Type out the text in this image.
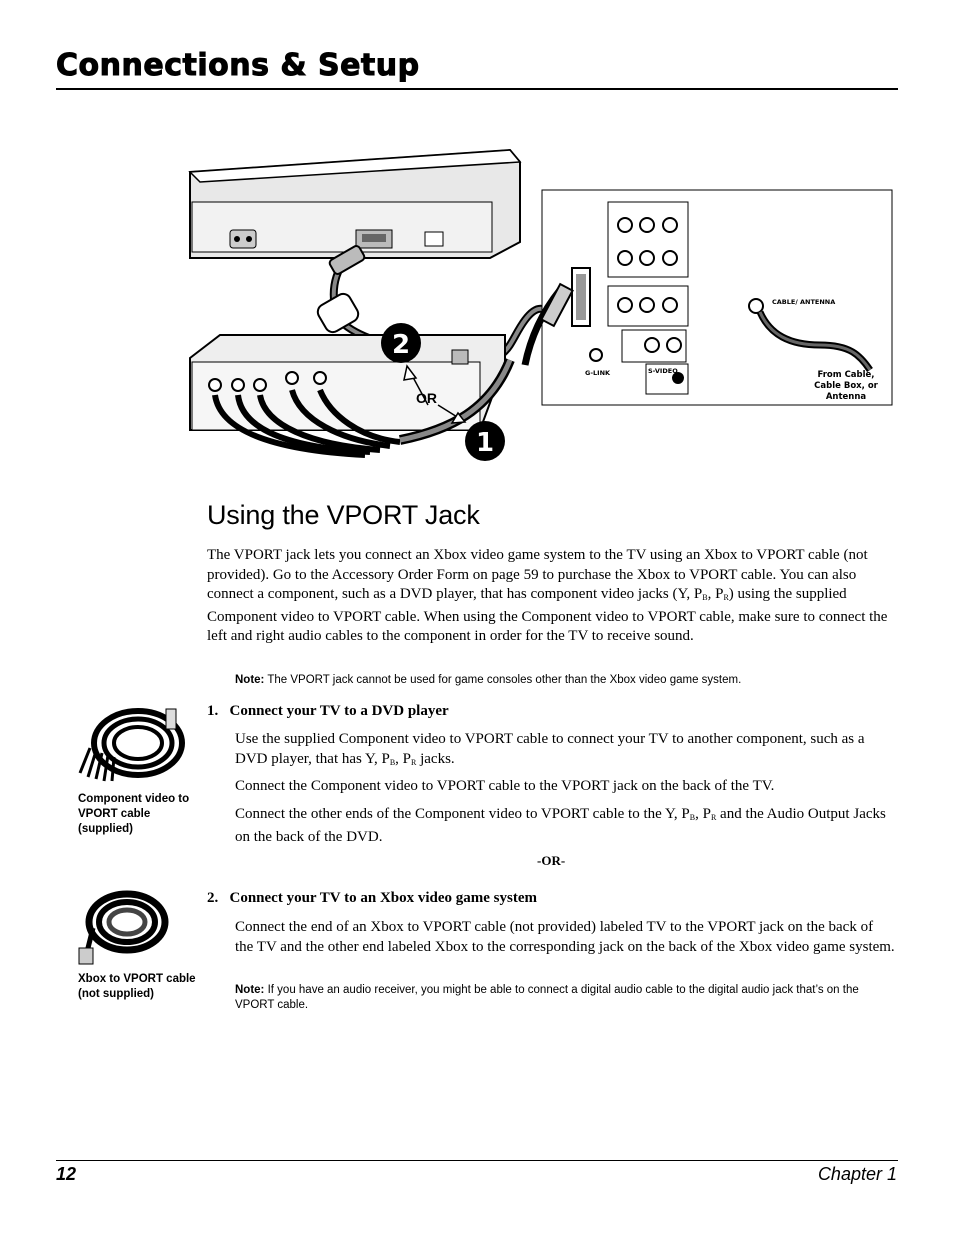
Connections & Setup
2
1
OR
G-LINK	S-VIDEO
CABLE/ ANTENNA
From Cable, Cable Box, or Antenna
Using the VPORT Jack
The VPORT jack lets you connect an Xbox video game system to the TV using an Xbox to VPORT cable (not provided). Go to the Accessory Order Form on page 59 to purchase the Xbox to VPORT cable. You can also connect a component, such as a DVD player, that has component video jacks (Y, $P_B$, $P_R$) using the supplied Component video to VPORT cable. When using the Component video to VPORT cable, make sure to connect the left and right audio cables to the component in order for the TV to receive sound.
Note: The VPORT jack cannot be used for game consoles other than the Xbox video game system.
Component video to VPORT cable (supplied)
1.   Connect your TV to a DVD player
Use the supplied Component video to VPORT cable to connect your TV to another component, such as a DVD player, that has Y, $P_B$, $P_R$ jacks.
Connect the Component video to VPORT cable to the VPORT jack on the back of the TV.
Connect the other ends of the Component video to VPORT cable to the Y, $P_B$, $P_R$ and the Audio Output Jacks on the back of the DVD.
-OR-
Xbox to VPORT cable (not supplied)
2.   Connect your TV to an Xbox video game system
Connect the end of an Xbox to VPORT cable (not provided) labeled TV to the VPORT jack on the back of the TV and the other end labeled Xbox to the corresponding jack on the back of the Xbox video game system.
Note: If you have an audio receiver, you might be able to connect a digital audio cable to the digital audio jack that’s on the VPORT cable.
12	Chapter 1
